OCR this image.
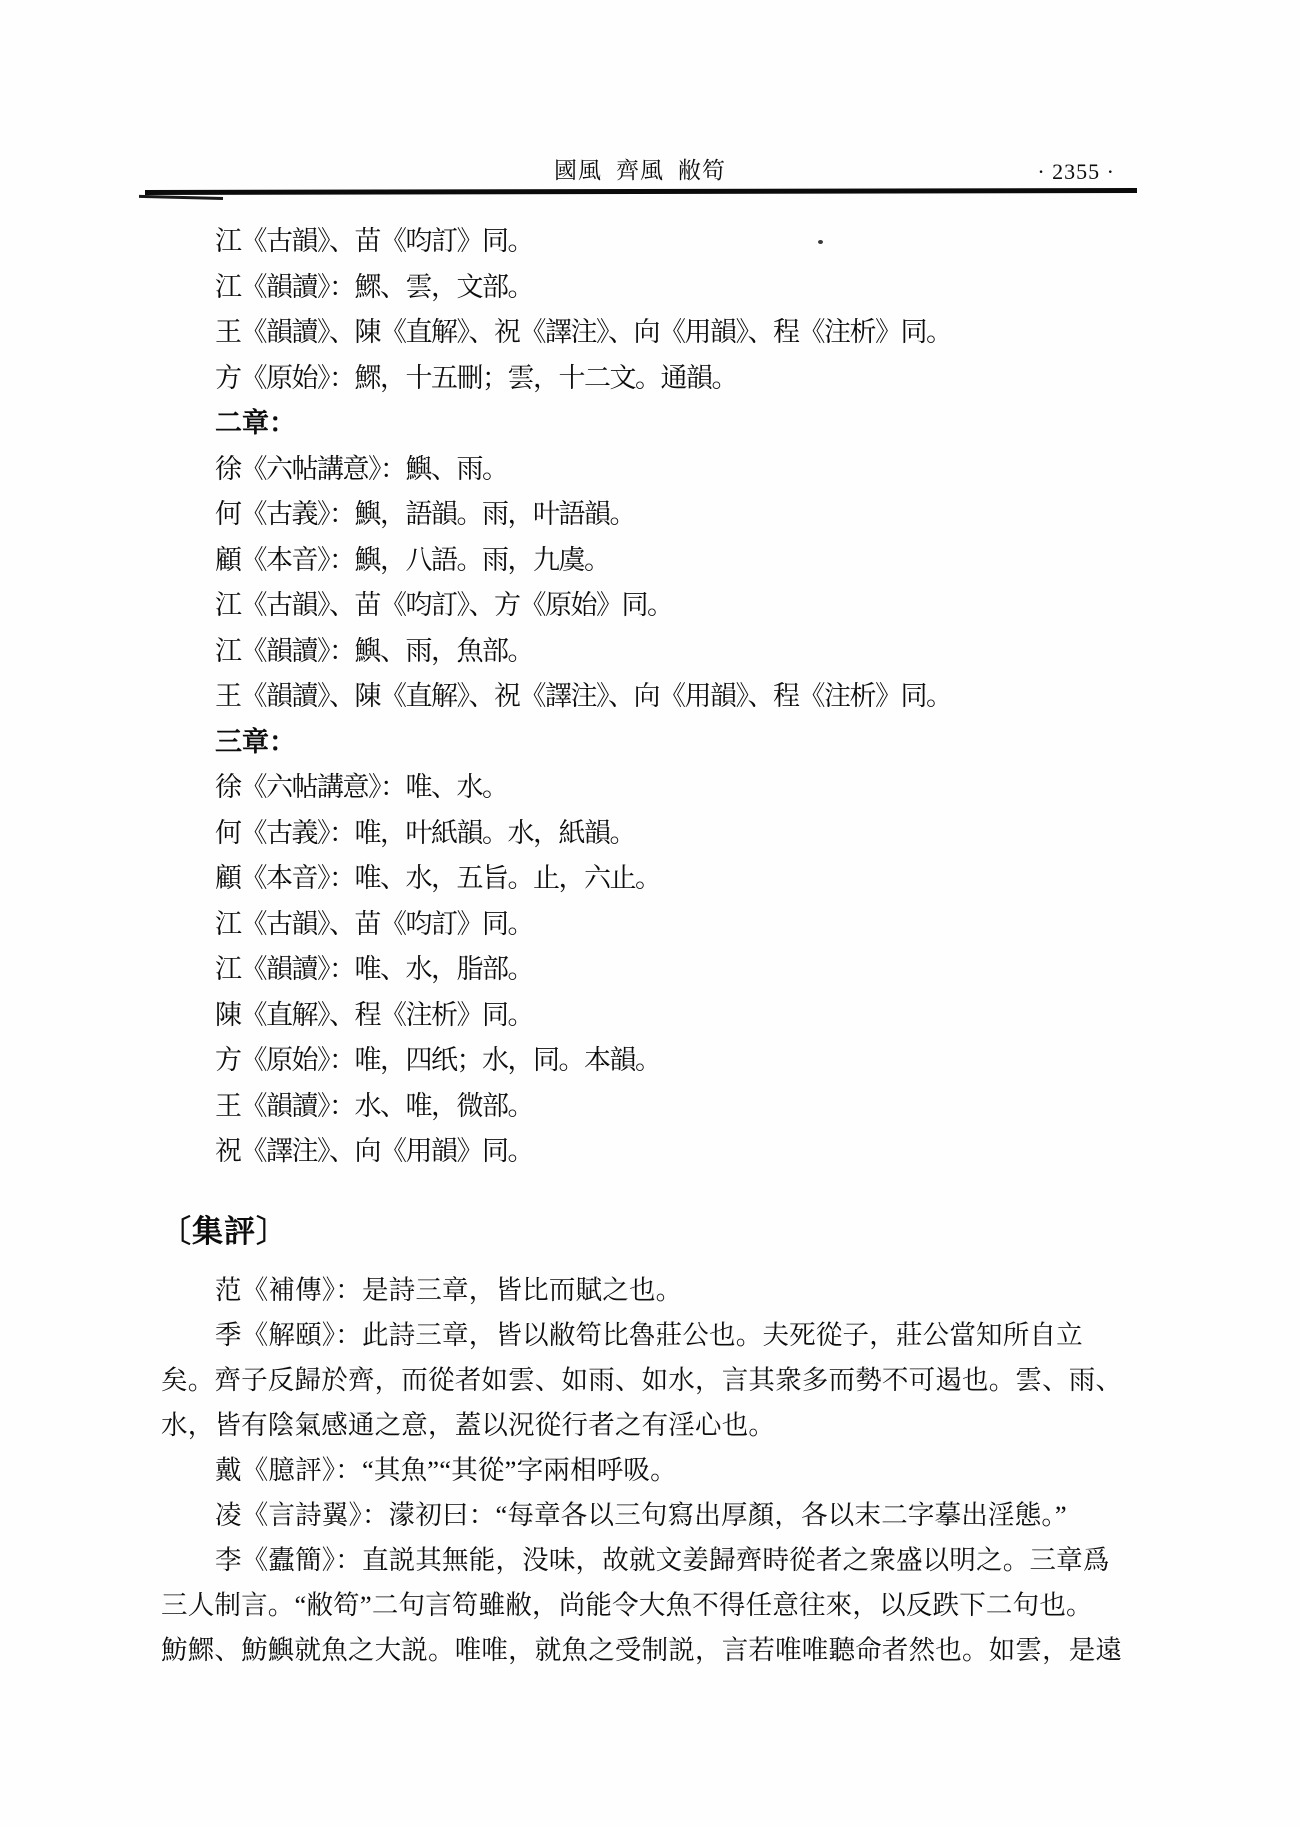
國風 齊風 敝笱	· 2355 ·
江《古韻》、苗《呁訂》同。
江《韻讀》：鰥、雲，文部。
王《韻讀》、陳《直解》、祝《譯注》、向《用韻》、程《注析》同。
方《原始》：鰥，十五刪；雲，十二文。通韻。
二章：
徐《六帖講意》：鱮、雨。
何《古義》：鱮，語韻。雨，叶語韻。
顧《本音》：鱮，八語。雨，九虞。
江《古韻》、苗《呁訂》、方《原始》同。
江《韻讀》：鱮、雨，魚部。
王《韻讀》、陳《直解》、祝《譯注》、向《用韻》、程《注析》同。
三章：
徐《六帖講意》：唯、水。
何《古義》：唯，叶紙韻。水，紙韻。
顧《本音》：唯、水，五旨。止，六止。
江《古韻》、苗《呁訂》同。
江《韻讀》：唯、水，脂部。
陳《直解》、程《注析》同。
方《原始》：唯，四纸；水，同。本韻。
王《韻讀》：水、唯，微部。
祝《譯注》、向《用韻》同。
〔集評〕
范《補傳》：是詩三章，皆比而賦之也。
季《解頤》：此詩三章，皆以敝笱比魯莊公也。夫死從子，莊公當知所自立
矣。齊子反歸於齊，而從者如雲、如雨、如水，言其衆多而勢不可遏也。雲、雨、
水，皆有陰氣感通之意，蓋以況從行者之有淫心也。
戴《臆評》：“其魚”“其從”字兩相呼吸。
凌《言詩翼》：濛初曰：“每章各以三句寫出厚顏，各以末二字摹出淫態。”
李《蠹簡》：直説其無能，没味，故就文姜歸齊時從者之衆盛以明之。三章爲
三人制言。“敝笱”二句言笱雖敝，尚能令大魚不得任意往來，以反跌下二句也。
魴鰥、魴鱮就魚之大説。唯唯，就魚之受制説，言若唯唯聽命者然也。如雲，是遠
